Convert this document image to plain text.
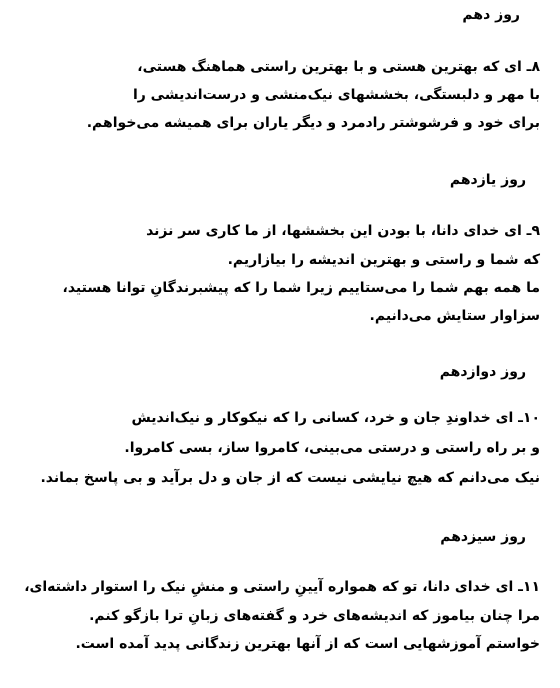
روز دهم
۸ـ ای که بهترین هستی و با بهترین راستی هماهنگ هستی،
با مهر و دلبستگی، بخششهای نیک‌منشی و درست‌اندیشی را
برای خود و فرشوشتر رادمرد و دیگر یاران برای همیشه می‌خواهم.
روز یازدهم
۹ـ ای خدای دانا، با بودن این بخششها، از ما کاری سر نزند
که شما و راستی و بهترین اندیشه را بیازاریم.
ما همه بهم شما را می‌ستاییم زیرا شما را که پیشبرندگانِ توانا هستید،
سزاوار ستایش می‌دانیم.
روز دوازدهم
۱۰ـ ای خداوندِ جان و خرد، کسانی را که نیکوکار و نیک‌اندیش
و بر راه راستی و درستی می‌بینی، کامروا ساز، بسی کامروا.
نیک می‌دانم که هیچ نیایشی نیست که از جان و دل برآید و بی پاسخ بماند.
روز سیزدهم
۱۱ـ ای خدای دانا، تو که همواره آیینِ راستی و منشِ نیک را استوار داشته‌ای،
مرا چنان بیاموز که اندیشه‌های خرد و گفته‌های زبانِ ترا بازگو کنم.
خواستم آموزشهایی است که از آنها بهترین زندگانی پدید آمده است.
